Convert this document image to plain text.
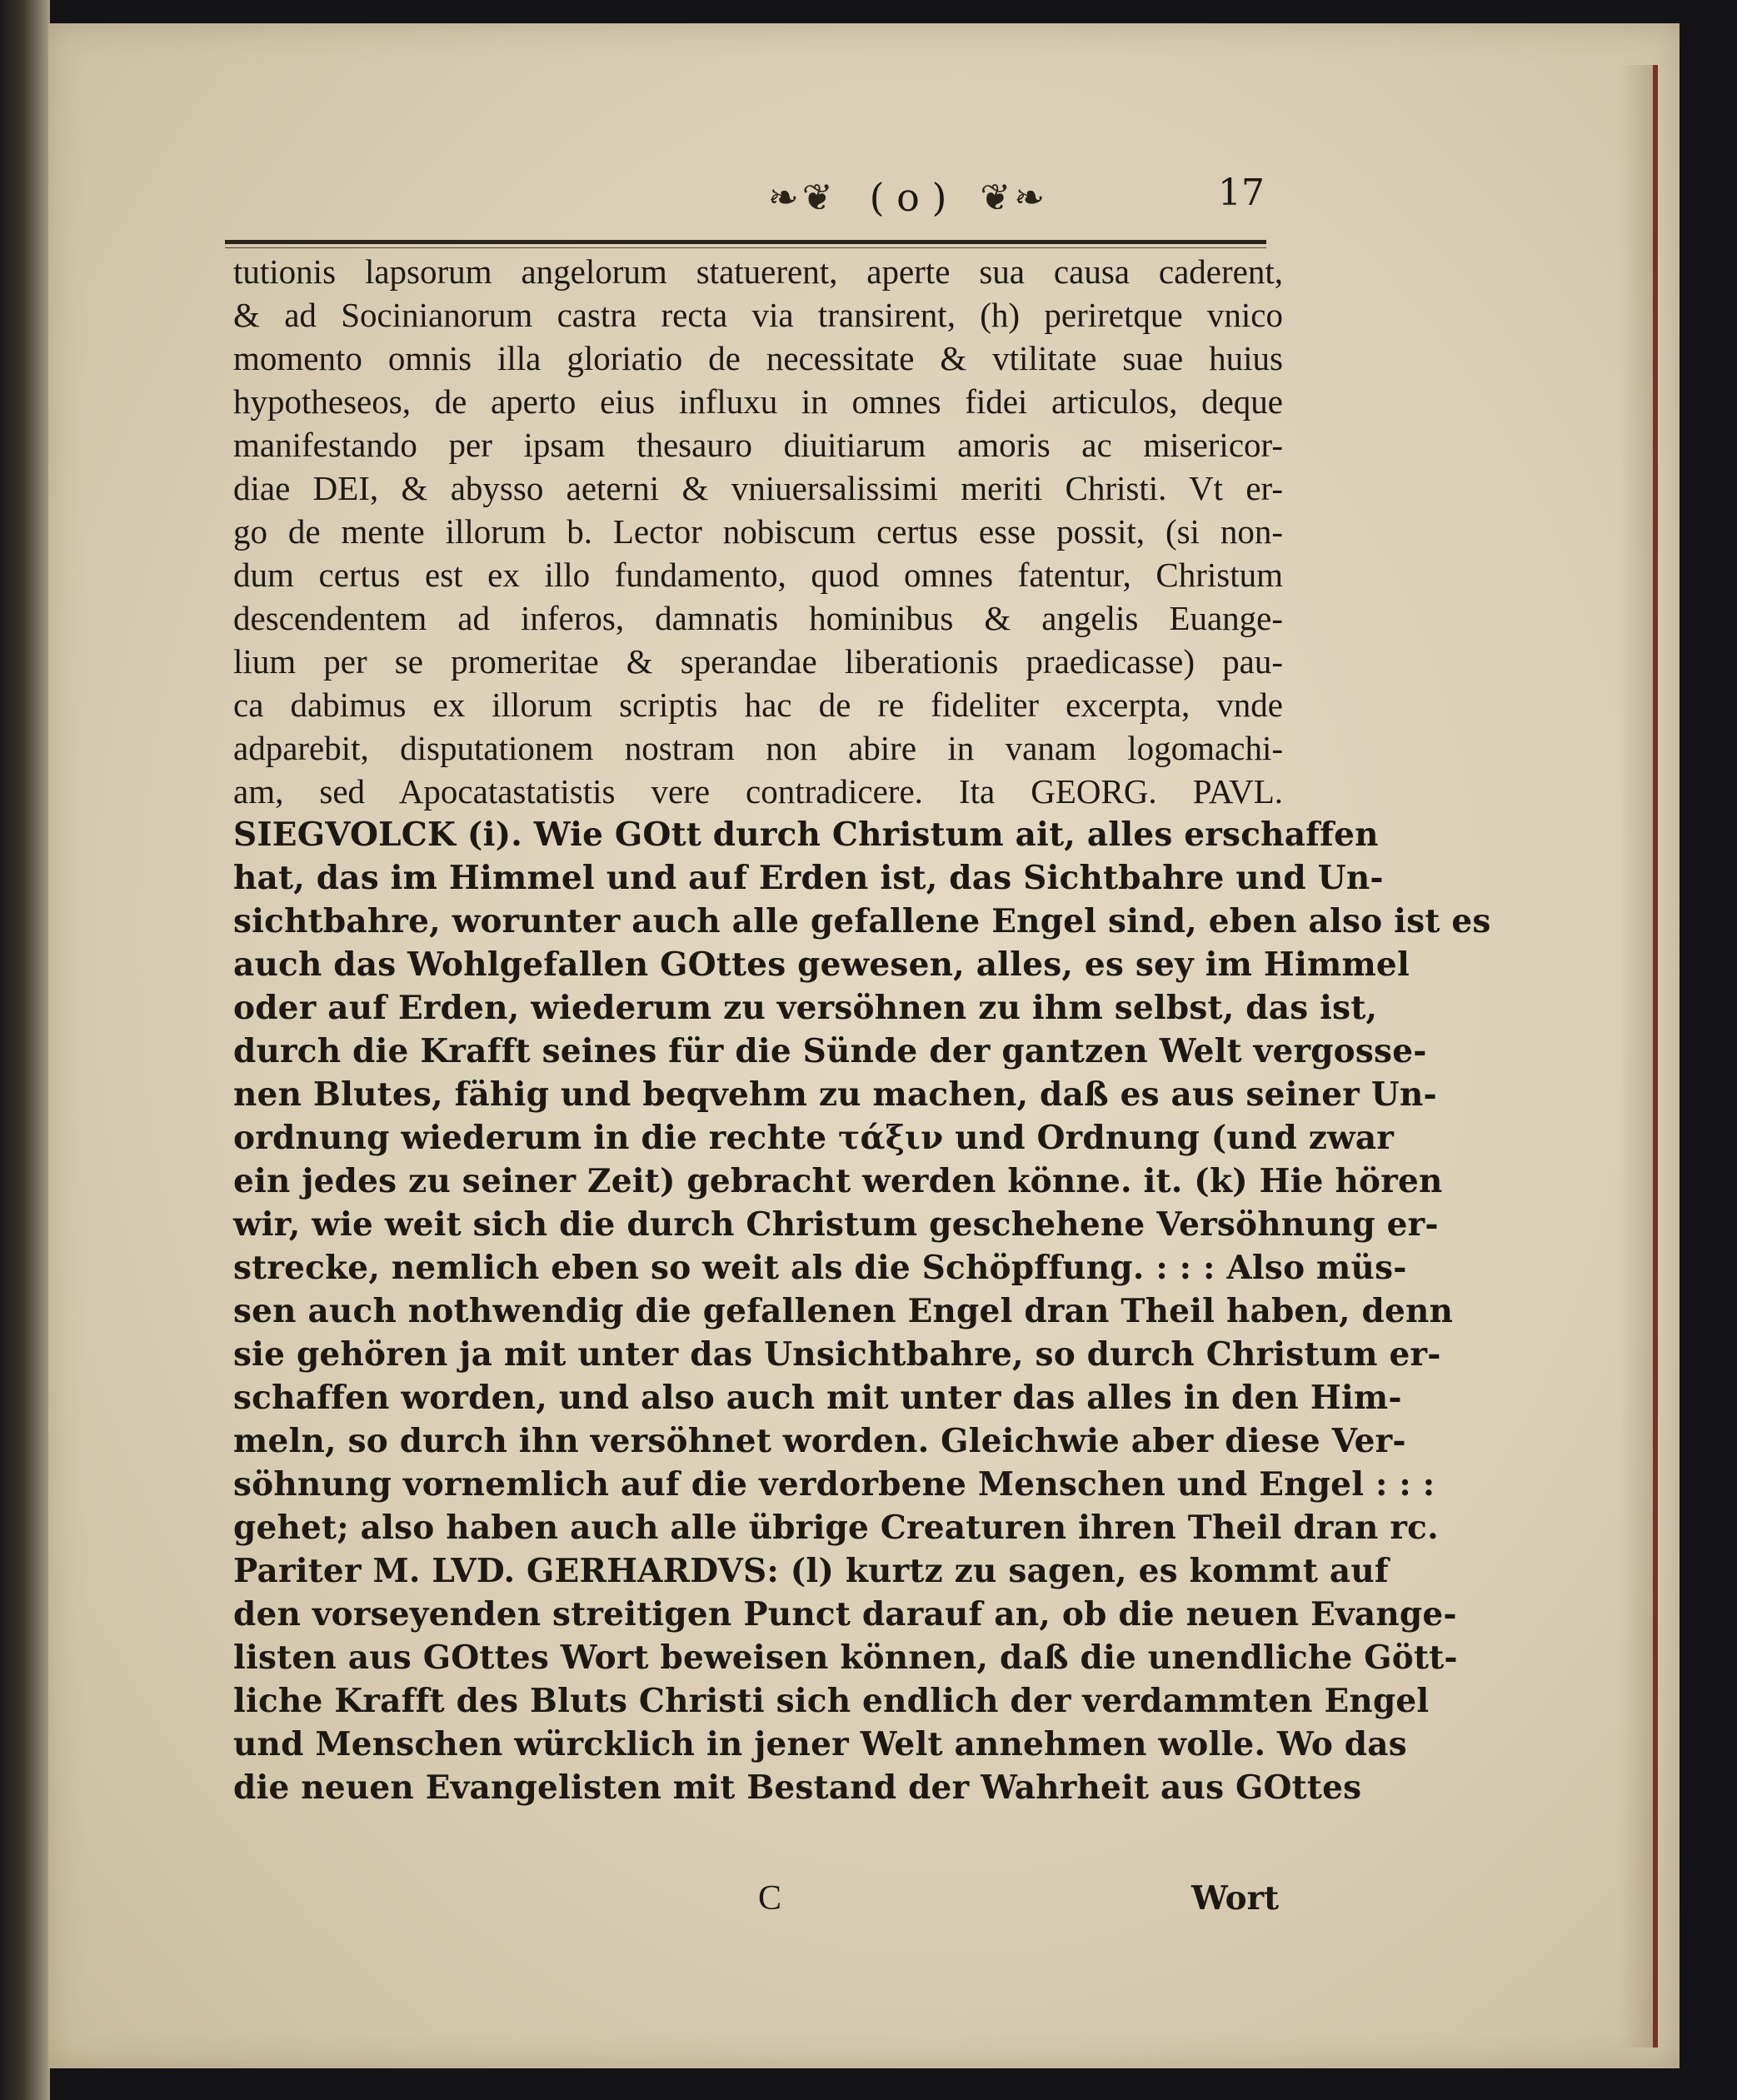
❧❦ ( o ) ❦❧	17
tutionis lapsorum angelorum statuerent, aperte sua causa caderent,
& ad Socinianorum castra recta via transirent, (h) periretque vnico
momento omnis illa gloriatio de necessitate & vtilitate suae huius
hypotheseos, de aperto eius influxu in omnes fidei articulos, deque
manifestando per ipsam thesauro diuitiarum amoris ac misericor-
diae DEI, & abysso aeterni & vniuersalissimi meriti Christi. Vt er-
go de mente illorum b. Lector nobiscum certus esse possit, (si non-
dum certus est ex illo fundamento, quod omnes fatentur, Christum
descendentem ad inferos, damnatis hominibus & angelis Euange-
lium per se promeritae & sperandae liberationis praedicasse) pau-
ca dabimus ex illorum scriptis hac de re fideliter excerpta, vnde
adparebit, disputationem nostram non abire in vanam logomachi-
am, sed Apocatastatistis vere contradicere. Ita GEORG. PAVL.
SIEGVOLCK (i). Wie GOtt durch Christum ait, alles erschaffen
hat, das im Himmel und auf Erden ist, das Sichtbahre und Un-
sichtbahre, worunter auch alle gefallene Engel sind, eben also ist es
auch das Wohlgefallen GOttes gewesen, alles, es sey im Himmel
oder auf Erden, wiederum zu versöhnen zu ihm selbst, das ist,
durch die Krafft seines für die Sünde der gantzen Welt vergosse-
nen Blutes, fähig und beqvehm zu machen, daß es aus seiner Un-
ordnung wiederum in die rechte τάξιν und Ordnung (und zwar
ein jedes zu seiner Zeit) gebracht werden könne. it. (k) Hie hören
wir, wie weit sich die durch Christum geschehene Versöhnung er-
strecke, nemlich eben so weit als die Schöpffung. : : : Also müs-
sen auch nothwendig die gefallenen Engel dran Theil haben, denn
sie gehören ja mit unter das Unsichtbahre, so durch Christum er-
schaffen worden, und also auch mit unter das alles in den Him-
meln, so durch ihn versöhnet worden. Gleichwie aber diese Ver-
söhnung vornemlich auf die verdorbene Menschen und Engel : : :
gehet; also haben auch alle übrige Creaturen ihren Theil dran rc.
Pariter M. LVD. GERHARDVS: (l) kurtz zu sagen, es kommt auf
den vorseyenden streitigen Punct darauf an, ob die neuen Evange-
listen aus GOttes Wort beweisen können, daß die unendliche Gött-
liche Krafft des Bluts Christi sich endlich der verdammten Engel
und Menschen würcklich in jener Welt annehmen wolle. Wo das
die neuen Evangelisten mit Bestand der Wahrheit aus GOttes
C	Wort
